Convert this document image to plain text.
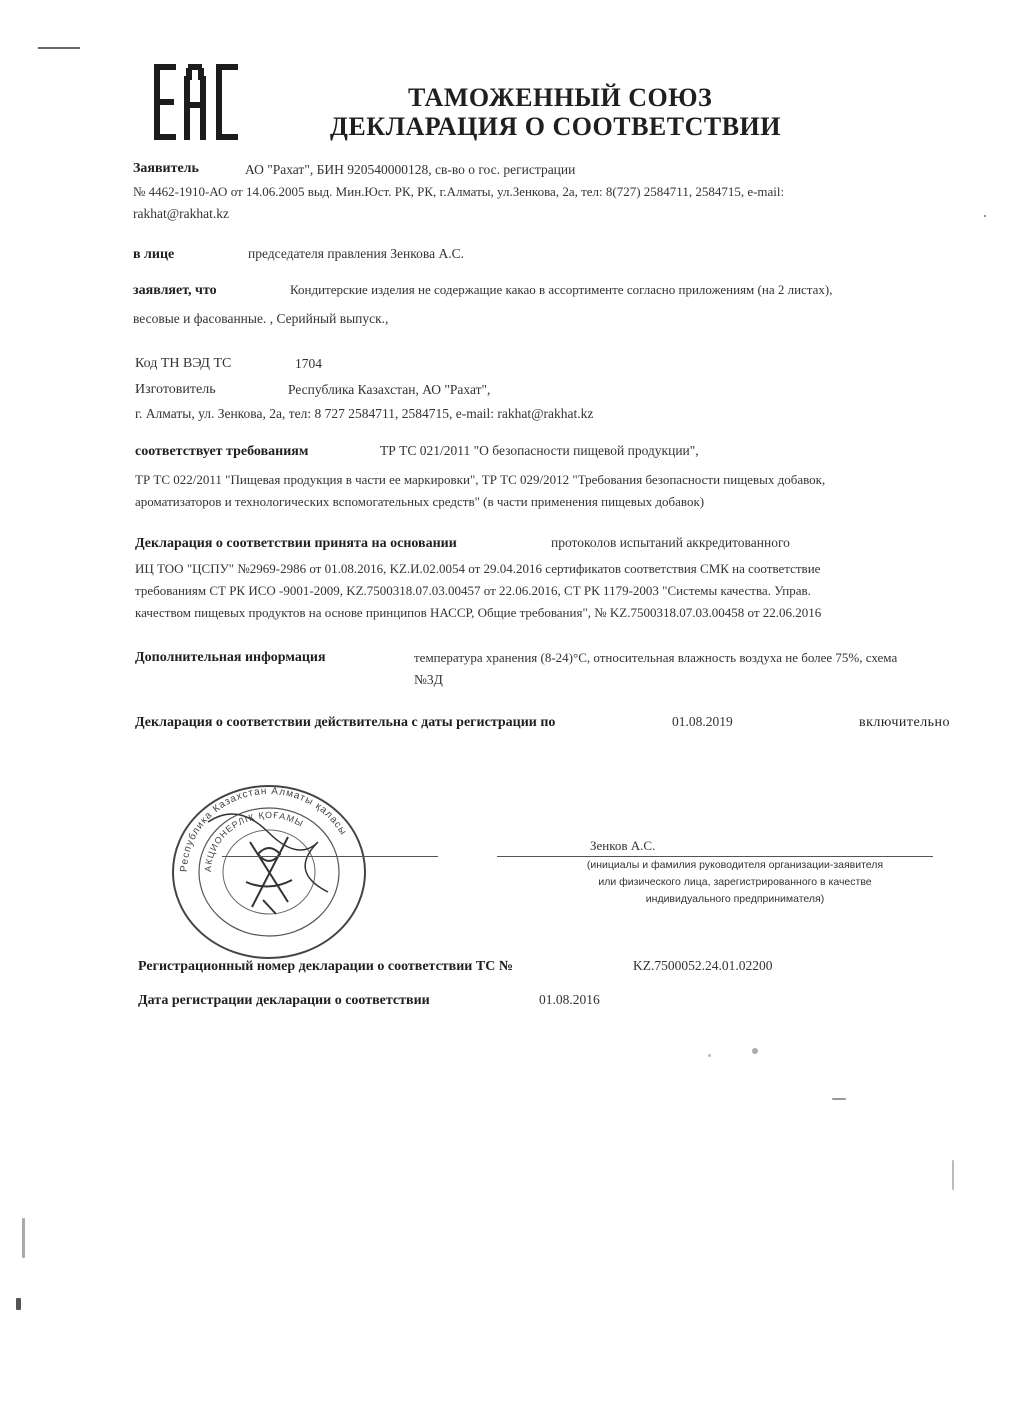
ТАМОЖЕННЫЙ СОЮЗ
ДЕКЛАРАЦИЯ О СООТВЕТСТВИИ
Заявитель	АО "Рахат", БИН 920540000128, св-во о гос. регистрации
№ 4462-1910-АО от 14.06.2005 выд. Мин.Юст. РК, РК, г.Алматы, ул.Зенкова, 2а, тел: 8(727) 2584711, 2584715, e-mail:
rakhat@rakhat.kz
в лице	председателя правления Зенкова А.С.
заявляет, что	Кондитерские изделия не содержащие какао в ассортименте согласно приложениям (на 2 листах),
весовые и фасованные. , Серийный выпуск.,
Код ТН ВЭД ТС	1704
Изготовитель	Республика Казахстан, АО "Рахат",
г. Алматы, ул. Зенкова, 2а, тел: 8 727 2584711, 2584715, e-mail: rakhat@rakhat.kz
соответствует требованиям	ТР ТС 021/2011 "О безопасности пищевой продукции",
ТР ТС 022/2011 "Пищевая продукция в части ее маркировки", ТР ТС 029/2012 "Требования безопасности пищевых добавок,
ароматизаторов и технологических вспомогательных средств" (в части применения пищевых добавок)
Декларация о соответствии принята на основании	протоколов испытаний аккредитованного
ИЦ ТОО "ЦСПУ" №2969-2986 от 01.08.2016, KZ.И.02.0054 от 29.04.2016 сертификатов соответствия СМК на соответствие
требованиям СТ РК ИСО -9001-2009, KZ.7500318.07.03.00457 от 22.06.2016, СТ РК 1179-2003 "Системы качества. Управ.
качеством пищевых продуктов на основе принципов НАССР, Общие требования", № KZ.7500318.07.03.00458 от 22.06.2016
Дополнительная информация	температура хранения (8-24)°С, относительная влажность воздуха не более 75%, схема
№3Д
Декларация о соответствии действительна с даты регистрации по	01.08.2019	включительно
Республика Казахстан Алматы қаласы
АКЦИОНЕРЛІК ҚОҒАМЫ
Зенков А.С.
(инициалы и фамилия руководителя организации-заявителя
или физического лица, зарегистрированного в качестве
индивидуального предпринимателя)
Регистрационный номер декларации о соответствии ТС №	KZ.7500052.24.01.02200
Дата регистрации декларации о соответствии	01.08.2016
